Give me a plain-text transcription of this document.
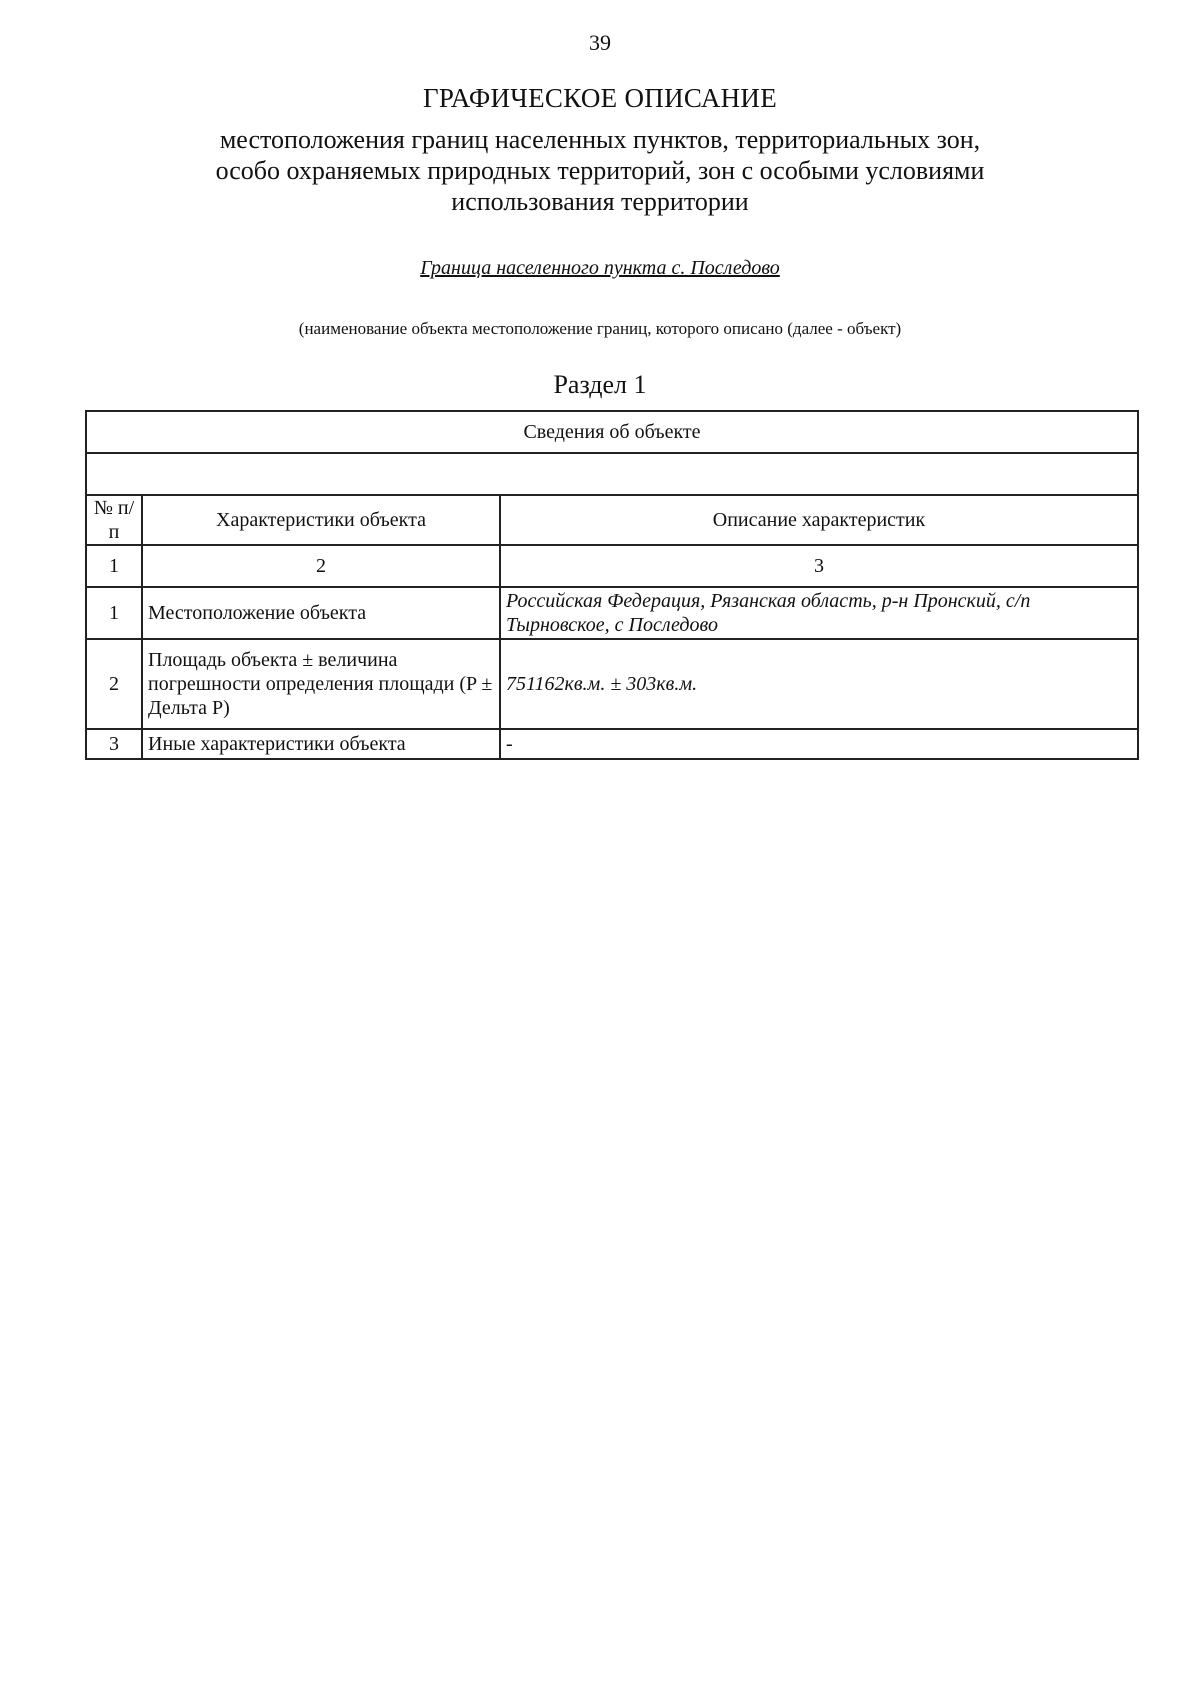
39
ГРАФИЧЕСКОЕ ОПИСАНИЕ
местоположения границ населенных пунктов, территориальных зон, особо охраняемых природных территорий, зон с особыми условиями использования территории
Граница населенного пункта с. Последово
(наименование объекта местоположение границ, которого описано (далее - объект)
Раздел 1
Сведения об объекте		

№ п/п	Характеристики объекта	Описание характеристик
1	2	3
1	Местоположение объекта	Российская Федерация, Рязанская область, р-н Пронский, с/п Тырновское, с Последово
2	Площадь объекта ± величина погрешности определения площади (P ± Дельта P)	751162кв.м. ± 303кв.м.
3	Иные характеристики объекта	-
